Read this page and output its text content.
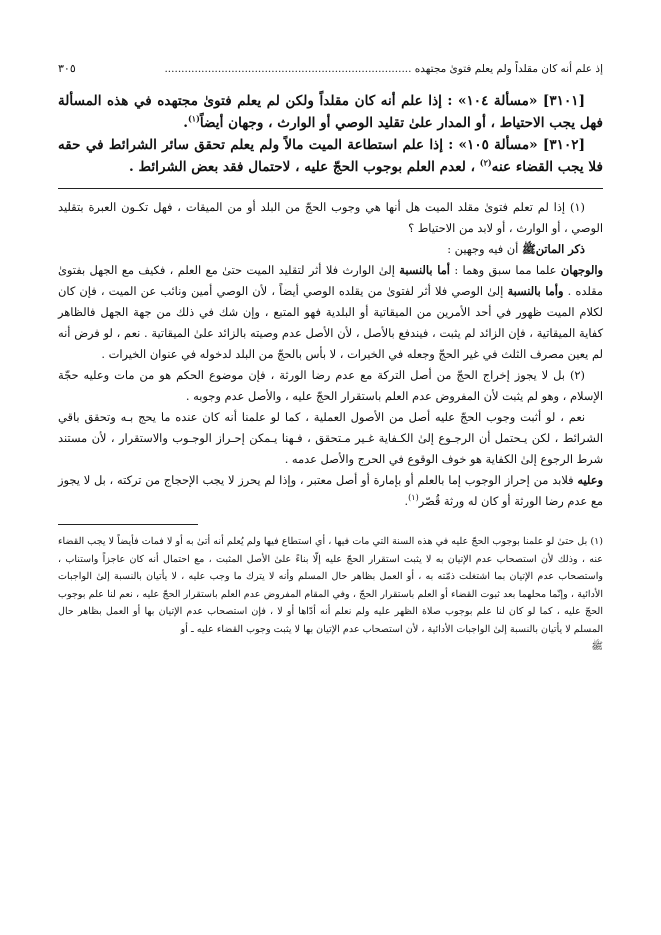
إذ علم أنه كان مقلداً ولم يعلم فتوىٰ مجتهده ..........................................................................
٣٠٥

[٣١٠١] «مسألة ١٠٤» : إذا علم أنه كان مقلداً ولكن لم يعلم فتوىٰ مجتهده في هذه المسألة فهل يجب الاحتياط ، أو المدار علىٰ تقليد الوصي أو الوارث ، وجهان أيضاً$^{(١)}$.

[٣١٠٢] «مسألة ١٠٥» : إذا علم استطاعة الميت مالاً ولم يعلم تحقق سائر الشرائط في حقه فلا يجب القضاء عنه$^{(٢)}$ ، لعدم العلم بوجوب الحجّ عليه ، لاحتمال فقد بعض الشرائط .

(١) إذا لم تعلم فتوىٰ مقلد الميت هل أنها هي وجوب الحجّ من البلد أو من الميقات ، فهل تكـون العبرة بتقليد الوصي ، أو الوارث ، أو لابد من الاحتياط ؟

ذكر الماتنﷺ أن فيه وجهين :

والوجهان علما مما سبق وهما : أما بالنسبة إلىٰ الوارث فلا أثر لتقليد الميت حتىٰ مع العلم ، فكيف مع الجهل بفتوىٰ مقلده . وأما بالنسبة إلىٰ الوصي فلا أثر لفتوىٰ من يقلده الوصي أيضاً ، لأن الوصي أمين ونائب عن الميت ، فإن كان لكلام الميت ظهور في أحد الأمرين من الميقاتية أو البلدية فهو المتبع ، وإن شك في ذلك من جهة الجهل فالظاهر كفاية الميقاتية ، فإن الزائد لم يثبت ، فيندفع بالأصل ، لأن الأصل عدم وصيته بالزائد علىٰ الميقاتية . نعم ، لو فرض أنه لم يعين مصرف الثلث في غير الحجّ وجعله في الخيرات ، لا بأس بالحجّ من البلد لدخوله في عنوان الخيرات .

(٢) بل لا يجوز إخراج الحجّ من أصل التركة مع عدم رضا الورثة ، فإن موضوع الحكم هو من مات وعليه حجّة الإسلام ، وهو لم يثبت لأن المفروض عدم العلم باستقرار الحجّ عليه ، والأصل عدم وجوبه .

نعم ، لو أثبت وجوب الحجّ عليه أصل من الأصول العملية ، كما لو علمنا أنه كان عنده ما يحج بـه وتحقق باقي الشرائط ، لكن يـحتمل أن الرجـوع إلىٰ الكـفاية غـير مـتحقق ، فـهنا يـمكن إحـراز الوجـوب والاستقرار ، لأن مستند شرط الرجوع إلىٰ الكفاية هو خوف الوقوع في الحرج والأصل عدمه .

وعليه فلابد من إحراز الوجوب إما بالعلم أو بإمارة أو أصل معتبر ، وإذا لم يحرز لا يجب الإحجاج من تركته ، بل لا يجوز مع عدم رضا الورثة أو كان له ورثة قُصّر$^{(١)}$.

(١) بل حتىٰ لو علمنا بوجوب الحجّ عليه في هذه السنة التي مات فيها ، أي استطاع فيها ولم يُعلم أنه أتىٰ به أو لا فمات فأيضاً لا يجب القضاء عنه ، وذلك لأن استصحاب عدم الإتيان به لا يثبت استقرار الحجّ عليه إلّا بناءً علىٰ الأصل المثبت ، مع احتمال أنه كان عاجزاً واستناب ، واستصحاب عدم الإتيان بما اشتغلت ذمّته به ، أو العمل بظاهر حال المسلم وأنه لا يترك ما وجب عليه ، لا يأتيان بالنسبة إلىٰ الواجبات الأدائية ، وإنّما محلهما بعد ثبوت القضاء أو العلم باستقرار الحجّ ، وفي المقام المفروض عدم العلم باستقرار الحجّ عليه ، نعم لنا علم بوجوب الحجّ عليه ، كما لو كان لنا علم بوجوب صلاة الظهر عليه ولم نعلم أنه أدّاها أو لا ، فإن استصحاب عدم الإتيان بها أو العمل بظاهر حال المسلم لا يأتيان بالنسبة إلىٰ الواجبات الأدائية ، لأن استصحاب عدم الإتيان بها لا يثبت وجوب القضاء عليه ـ أو

ﷺ
